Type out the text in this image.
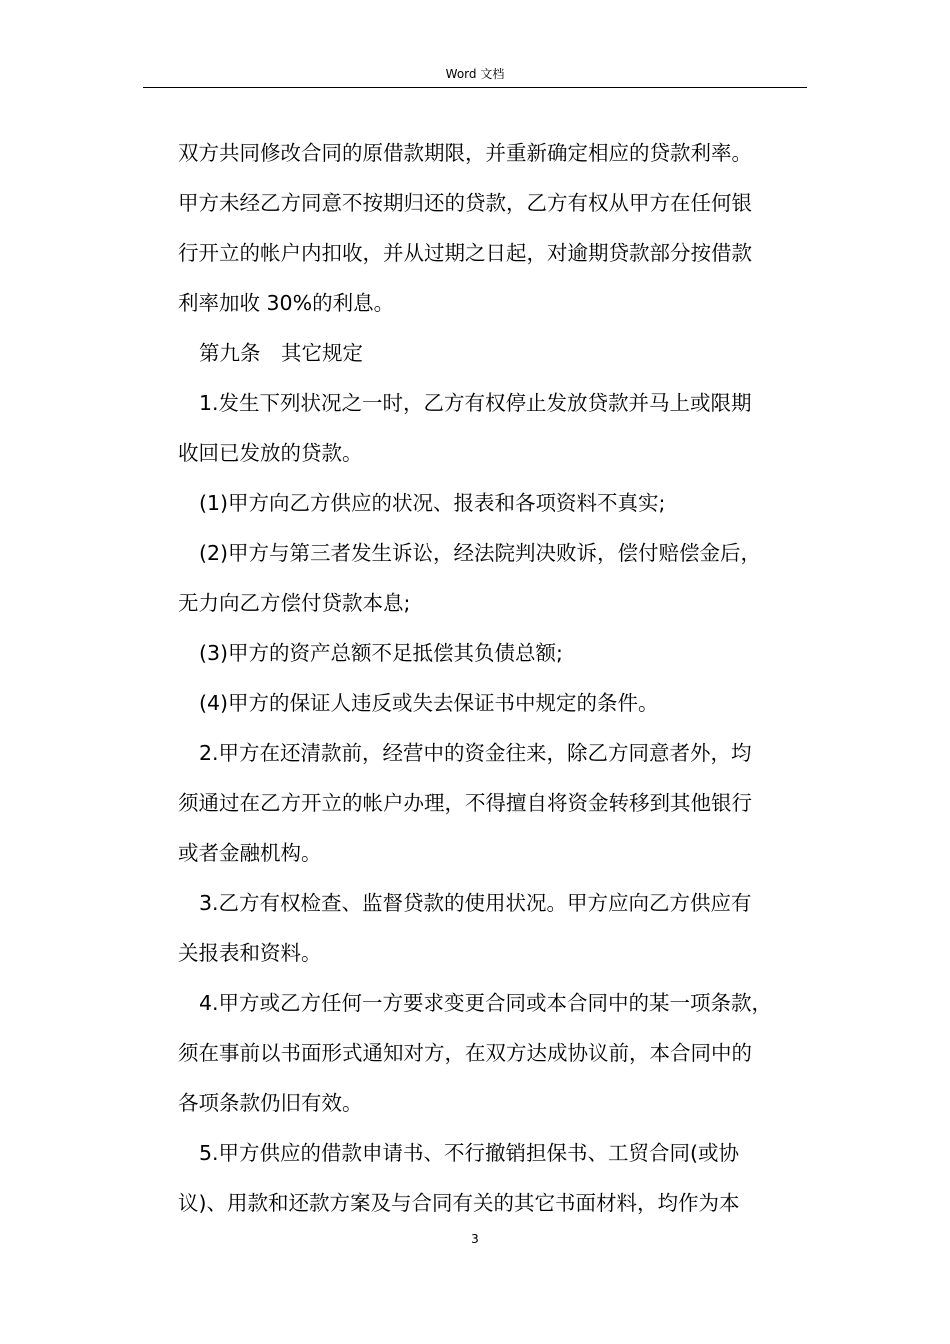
Word 文档
双方共同修改合同的原借款期限，并重新确定相应的贷款利率。
甲方未经乙方同意不按期归还的贷款，乙方有权从甲方在任何银
行开立的帐户内扣收，并从过期之日起，对逾期贷款部分按借款
利率加收 30%的利息。
第九条　其它规定
1.发生下列状况之一时，乙方有权停止发放贷款并马上或限期
收回已发放的贷款。
(1)甲方向乙方供应的状况、报表和各项资料不真实;
(2)甲方与第三者发生诉讼，经法院判决败诉，偿付赔偿金后，
无力向乙方偿付贷款本息;
(3)甲方的资产总额不足抵偿其负债总额;
(4)甲方的保证人违反或失去保证书中规定的条件。
2.甲方在还清款前，经营中的资金往来，除乙方同意者外，均
须通过在乙方开立的帐户办理，不得擅自将资金转移到其他银行
或者金融机构。
3.乙方有权检查、监督贷款的使用状况。甲方应向乙方供应有
关报表和资料。
4.甲方或乙方任何一方要求变更合同或本合同中的某一项条款，
须在事前以书面形式通知对方，在双方达成协议前，本合同中的
各项条款仍旧有效。
5.甲方供应的借款申请书、不行撤销担保书、工贸合同(或协
议)、用款和还款方案及与合同有关的其它书面材料，均作为本
3
